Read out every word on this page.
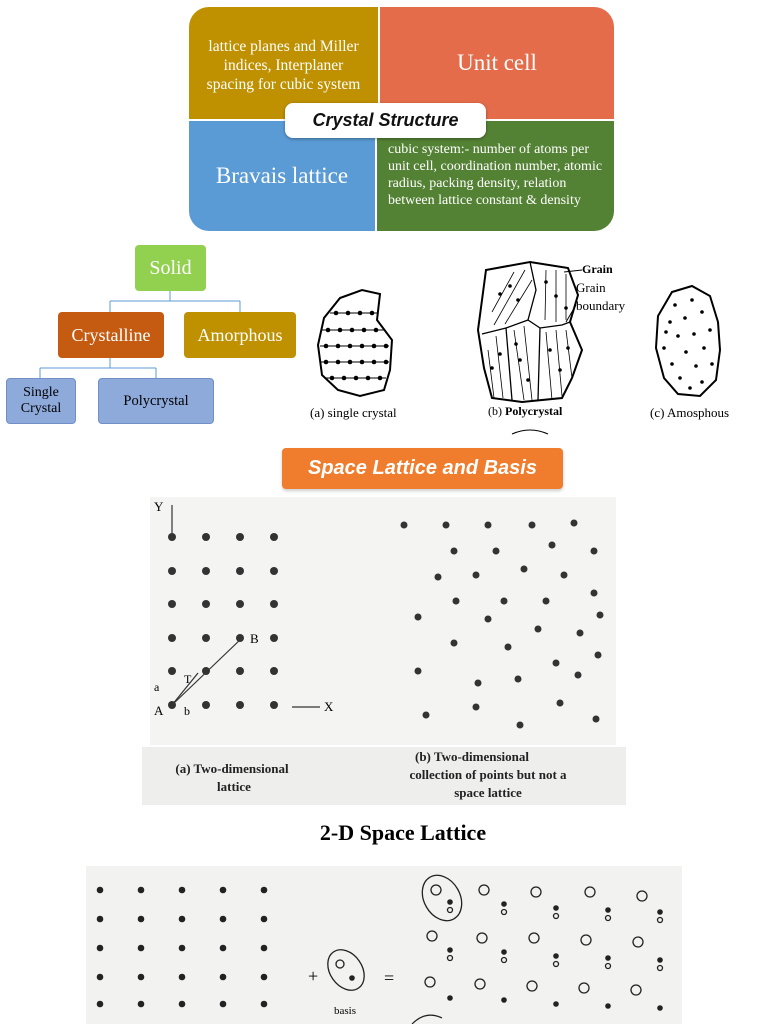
lattice planes and Miller indices, Interplaner spacing for cubic system
Unit cell
Bravais lattice
cubic system:- number of atoms per unit cell, coordination number, atomic radius, packing density, relation between lattice constant & density
Crystal Structure
Solid
Crystalline	Amorphous
Single Crystal	Polycrystal
(a) single crystal
Grain
Grain
boundary
(b) Polycrystal	(c) Amosphous
Space Lattice and Basis
Y
X
A
B
T
a
b
(a) Two-dimensional
lattice
(b) Two-dimensional
collection of points but not a
space lattice
2-D Space Lattice
+	=
basis
